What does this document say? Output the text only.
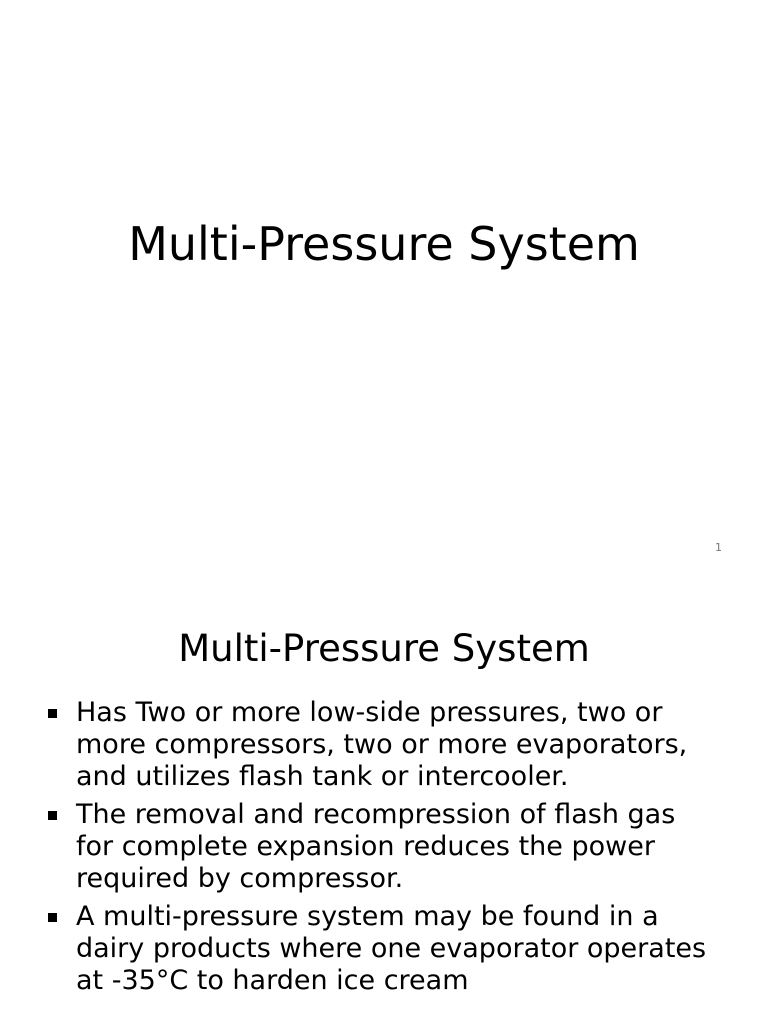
Multi-Pressure System
1
Multi-Pressure System
Has Two or more low-side pressures, two or more compressors, two or more evaporators, and utilizes flash tank or intercooler.
The removal and recompression of flash gas for complete expansion reduces the power required by compressor.
A multi-pressure system may be found in a dairy products where one evaporator operates at -35°C to harden ice cream
